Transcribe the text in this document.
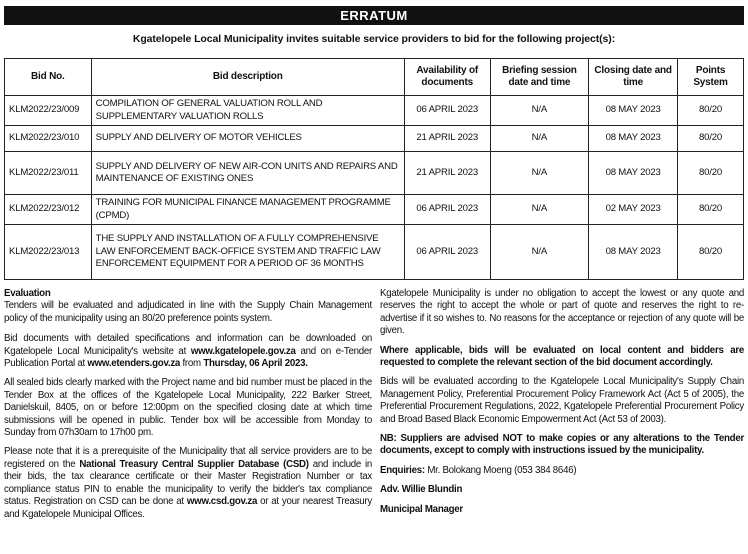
ERRATUM
Kgatelopele Local Municipality invites suitable service providers to bid for the following project(s):
Bid No.	Bid description	Availability of documents	Briefing session date and time	Closing date and time	Points System
KLM2022/23/009	COMPILATION OF GENERAL VALUATION ROLL AND SUPPLEMENTARY VALUATION ROLLS	06 APRIL 2023	N/A	08 MAY 2023	80/20
KLM2022/23/010	SUPPLY AND DELIVERY OF MOTOR VEHICLES	21 APRIL 2023	N/A	08 MAY 2023	80/20
KLM2022/23/011	SUPPLY AND DELIVERY OF NEW AIR-CON UNITS AND REPAIRS AND MAINTENANCE OF EXISTING ONES	21 APRIL 2023	N/A	08 MAY 2023	80/20
KLM2022/23/012	TRAINING FOR MUNICIPAL FINANCE MANAGEMENT PROGRAMME (CPMD)	06 APRIL 2023	N/A	02 MAY 2023	80/20
KLM2022/23/013	THE SUPPLY AND INSTALLATION OF A FULLY COMPREHENSIVE LAW ENFORCEMENT BACK-OFFICE SYSTEM AND TRAFFIC LAW ENFORCEMENT EQUIPMENT FOR A PERIOD OF 36 MONTHS	06 APRIL 2023	N/A	08 MAY 2023	80/20

Evaluation
Tenders will be evaluated and adjudicated in line with the Supply Chain Management policy of the municipality using an 80/20 preference points system.

Bid documents with detailed specifications and information can be downloaded on Kgatelopele Local Municipality's website at www.kgatelopele.gov.za and on e-Tender Publication Portal at www.etenders.gov.za from Thursday, 06 April 2023.

All sealed bids clearly marked with the Project name and bid number must be placed in the Tender Box at the offices of the Kgatelopele Local Municipality, 222 Barker Street, Danielskuil, 8405, on or before 12:00pm on the specified closing date at which time submissions will be opened in public. Tender box will be accessible from Monday to Sunday from 07h30am to 17h00 pm.

Please note that it is a prerequisite of the Municipality that all service providers are to be registered on the National Treasury Central Supplier Database (CSD) and include in their bids, the tax clearance certificate or their Master Registration Number or tax compliance status PIN to enable the municipality to verify the bidder's tax compliance status. Registration on CSD can be done at www.csd.gov.za or at your nearest Treasury and Kgatelopele Municipal Offices.

Kgatelopele Municipality is under no obligation to accept the lowest or any quote and reserves the right to accept the whole or part of quote and reserves the right to re-advertise if it so wishes to. No reasons for the acceptance or rejection of any quote will be given.

Where applicable, bids will be evaluated on local content and bidders are requested to complete the relevant section of the bid document accordingly.

Bids will be evaluated according to the Kgatelopele Local Municipality's Supply Chain Management Policy, Preferential Procurement Policy Framework Act (Act 5 of 2005), the Preferential Procurement Regulations, 2022, Kgatelopele Preferential Procurement Policy and Broad Based Black Economic Empowerment Act (Act 53 of 2003).

NB: Suppliers are advised NOT to make copies or any alterations to the Tender documents, except to comply with instructions issued by the municipality.

Enquiries: Mr. Bolokang Moeng (053 384 8646)

Adv. Willie Blundin

Municipal Manager
